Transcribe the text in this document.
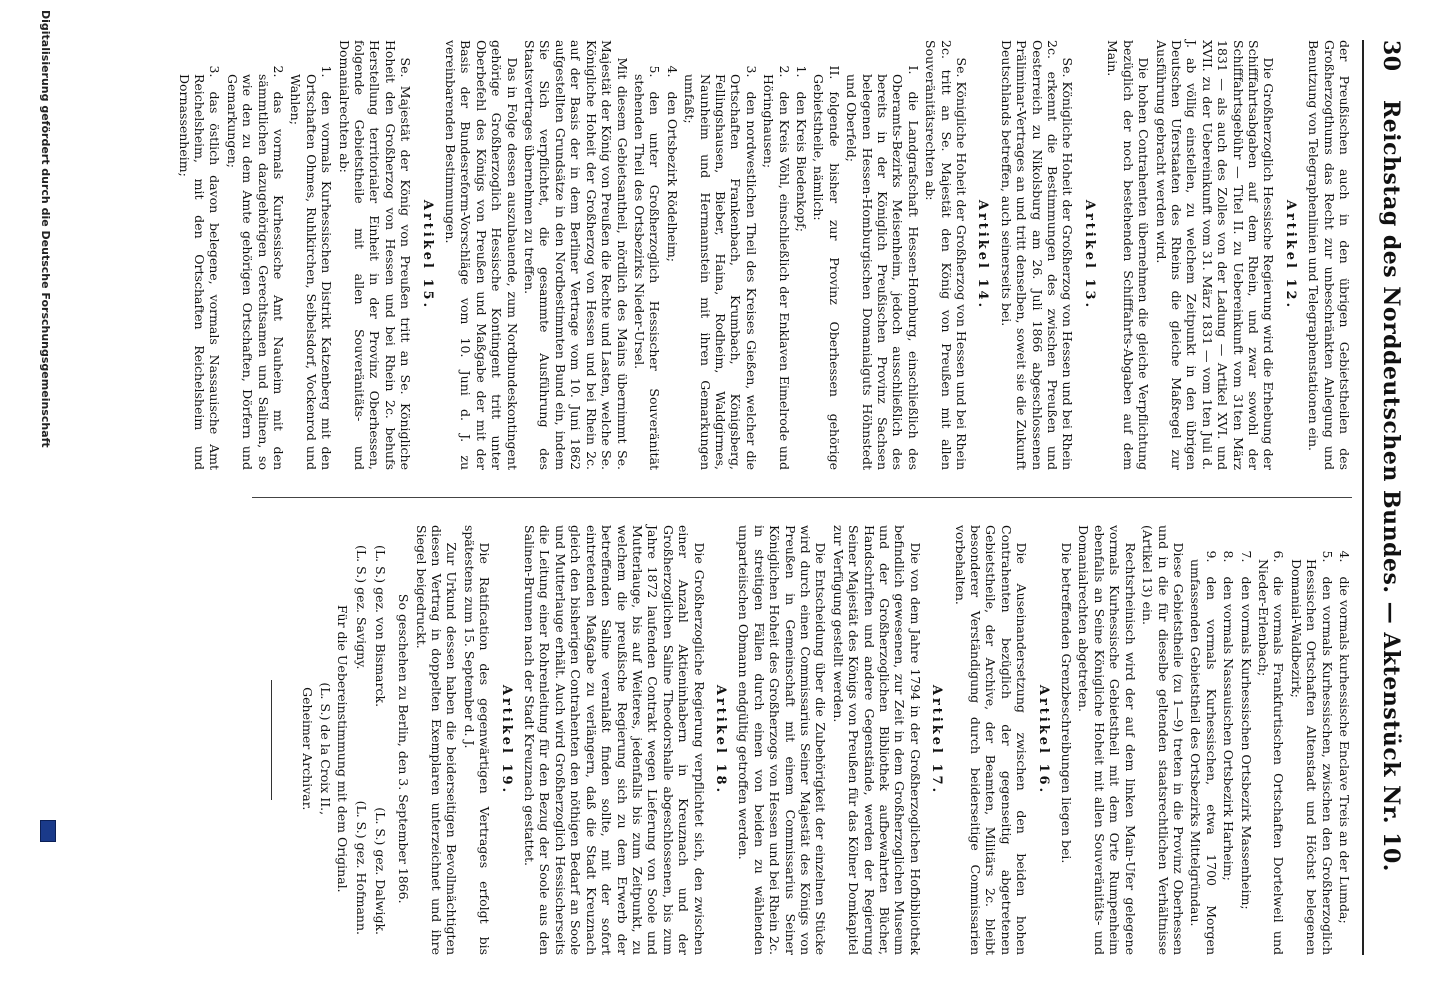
30
Reichstag des Norddeutschen Bundes. — Aktenstück Nr. 10.

der Preußischen auch in den übrigen Gebietstheilen des Großherzogthums das Recht zur unbeschränkten Anlegung und Benutzung von Telegraphenlinien und Telegraphenstationen ein.

Artikel 12.

Die Großherzoglich Hessische Regierung wird die Erhebung der Schifffahrtsabgaben auf dem Rhein, und zwar sowohl der Schifffahrtsgebühr — Titel II. zu Uebereinkunft vom 31ten März 1831 — als auch des Zolles von der Ladung — Artikel XVI. und XVII. zu der Uebereinkunft vom 31. März 1831 — vom 1ten Juli d. J. ab völlig einstellen, zu welchem Zeitpunkt in den übrigen Deutschen Uferstaaten des Rheins die gleiche Maßregel zur Ausführung gebracht werden wird.

Die hohen Contrahenten übernehmen die gleiche Verpflichtung bezüglich der noch bestehenden Schifffahrts-Abgaben auf dem Main.

Artikel 13.

Se. Königliche Hoheit der Großherzog von Hessen und bei Rhein 2c. erkennt die Bestimmungen des zwischen Preußen und Oesterreich zu Nikolsburg am 26. Juli 1866 abgeschlossenen Präliminar-Vertrages an und tritt denselben, soweit sie die Zukunft Deutschlands betreffen, auch seinerseits bei.

Artikel 14.

Se. Königliche Hoheit der Großherzog von Hessen und bei Rhein 2c. tritt an Se. Majestät den König von Preußen mit allen Souveränitätsrechten ab:

I.
die Landgrafschaft Hessen-Homburg, einschließlich des Oberamts-Bezirks Meisenheim, jedoch ausschließlich des bereits in der Königlich Preußischen Provinz Sachsen belegenen Hessen-Homburgischen Domanialguts Höhnstedt und Oberfeld;

II.
folgende bisher zur Provinz Oberhessen gehörige Gebietstheile, nämlich:

1.
den Kreis Biedenkopf;

2.
den Kreis Vöhl, einschließlich der Enklaven Eimelrode und Höringhausen;

3.
den nordwestlichen Theil des Kreises Gießen, welcher die Ortschaften Frankenbach, Krumbach, Königsberg, Fellingshausen, Bieber, Haina, Rodheim, Waldgirmes, Naunheim und Hermannstein mit ihren Gemarkungen umfaßt;

4.
den Ortsbezirk Rödelheim;

5.
den unter Großherzoglich Hessischer Souveränität stehenden Theil des Ortsbezirks Nieder-Ursel.

Mit diesem Gebietsantheil, nördlich des Mains übernimmt Se. Majestät der König von Preußen die Rechte und Lasten, welche Se. Königliche Hoheit der Großherzog von Hessen und bei Rhein 2c. auf der Basis der in dem Berliner Vertrage vom 10. Juni 1862 aufgestellten Grundsätze in den Nordbestimmten Bund ein, indem Sie Sich verpflichtet, die gesammte Ausführung des Staatsvertrages übernehmen zu treffen.

Das in Folge dessen auszubauende, zum Nordbundeskontingent gehörige Großherzoglich Hessische Kontingent tritt unter Oberbefehl des Königs von Preußen und Maßgabe der mit der Basis der Bundesreform-Vorschläge vom 10. Juni d. J. zu vereinbarenden Bestimmungen.

Artikel 15.

Se. Majestät der König von Preußen tritt an Se. Königliche Hoheit den Großherzog von Hessen und bei Rhein 2c. behufs Herstellung territorialer Einheit in der Provinz Oberhessen, folgende Gebietstheile mit allen Souveränitäts- und Domanialrechten ab:

1.
den vormals Kurhessischen Distrikt Katzenberg mit den Ortschaften Ohmes, Ruhlkirchen, Seibelsdorf, Vockenrod und Wahlen;

2.
das vormals Kurhessische Amt Nauheim mit den sämmtlichen dazugehörigen Gerechtsamen und Salinen, so wie den zu dem Amte gehörigen Ortschaften, Dörfern und Gemarkungen;

3.
das östlich davon belegene, vormals Nassauische Amt Reichelsheim, mit den Ortschaften Reichelsheim und Dornassenheim;

4.
die vormals kurhessische Enclave Treis an der Lumda;

5.
den vormals Kurhessischen, zwischen den Großherzoglich Hessischen Ortschaften Altenstadt und Höchst belegenen Domanial-Waldbezirk;

6.
die vormals Frankfurtischen Ortschaften Dortelweil und Nieder-Erlenbach;

7.
den vormals Kurhessischen Ortsbezirk Massenheim;

8.
den vormals Nassauischen Ortsbezirk Harheim;

9.
den vormals Kurhessischen, etwa 1700 Morgen umfassenden Gebietstheil des Ortsbezirks Mittelgründau.

Diese Gebietstheile (zu 1—9) treten in die Provinz Oberhessen und in die für dieselbe geltenden staatsrechtlichen Verhältnisse (Artikel 13) ein.

Rechtsrheinisch wird der auf dem linken Main-Ufer gelegene vormals Kurhessische Gebietstheil mit dem Orte Rumpenheim ebenfalls an Seine Königliche Hoheit mit allen Souveränitäts- und Domanialrechten abgetreten.

Die betreffenden Grenzbeschreibungen liegen bei.

Artikel 16.

Die Auseinandersetzung zwischen den beiden hohen Contrahenten bezüglich der gegenseitig abgetretenen Gebietstheile, der Archive, der Beamten, Militärs 2c. bleibt besonderer Verständigung durch beiderseitige Commissarien vorbehalten.

Artikel 17.

Die von dem Jahre 1794 in der Großherzoglichen Hofbibliothek befindlich gewesenen, zur Zeit in dem Großherzoglichen Museum und der Großherzoglichen Bibliothek aufbewahrten Bücher, Handschriften und andere Gegenstände, werden der Regierung Seiner Majestät des Königs von Preußen für das Kölner Domkapitel zur Verfügung gestellt werden.

Die Entscheidung über die Zubehörigkeit der einzelnen Stücke wird durch einen Commissarius Seiner Majestät des Königs von Preußen in Gemeinschaft mit einem Commissarius Seiner Königlichen Hoheit des Großherzogs von Hessen und bei Rhein 2c. in streitigen Fällen durch einen von beiden zu wählenden unparteiischen Obmann endgültig getroffen werden.

Artikel 18.

Die Großherzogliche Regierung verpflichtet sich, den zwischen einer Anzahl Aktieninhabern in Kreuznach und der Großherzoglichen Saline Theodorshalle abgeschlossenen, bis zum Jahre 1872 laufenden Contrakt wegen Lieferung von Soole und Mutterlauge, bis auf Weiteres, jedenfalls bis zum Zeitpunkt, zu welchem die preußische Regierung sich zu dem Erwerb der betreffenden Saline veranlaßt finden sollte, mit der sofort eintretenden Maßgabe zu verlängern, daß die Stadt Kreuznach gleich den bisherigen Contrahenten den nöthigen Bedarf an Soole und Mutterlauge erhält. Auch wird Großherzoglich Hessischerseits die Leitung einer Rohrenleitung für den Bezug der Soole aus den Salinen-Brunnen nach der Stadt Kreuznach gestattet.

Artikel 19.

Die Ratification des gegenwärtigen Vertrages erfolgt bis spätestens zum 15. September d. J.

Zur Urkund dessen haben die beiderseitigen Bevollmächtigten diesen Vertrag in doppelten Exemplaren unterzeichnet und ihre Siegel beigedruckt.

So geschehen zu Berlin, den 3. September 1866.

(L. S.) gez. von Bismarck.
(L. S.) gez. Dalwigk.
(L. S.) gez. Savigny.
(L. S.) gez. Hofmann.

Für die Uebereinstimmung mit dem Original.

(L. S.) de la Croix II.,

Geheimer Archivar.

Digitalisierung gefördert durch die Deutsche Forschungsgemeinschaft
